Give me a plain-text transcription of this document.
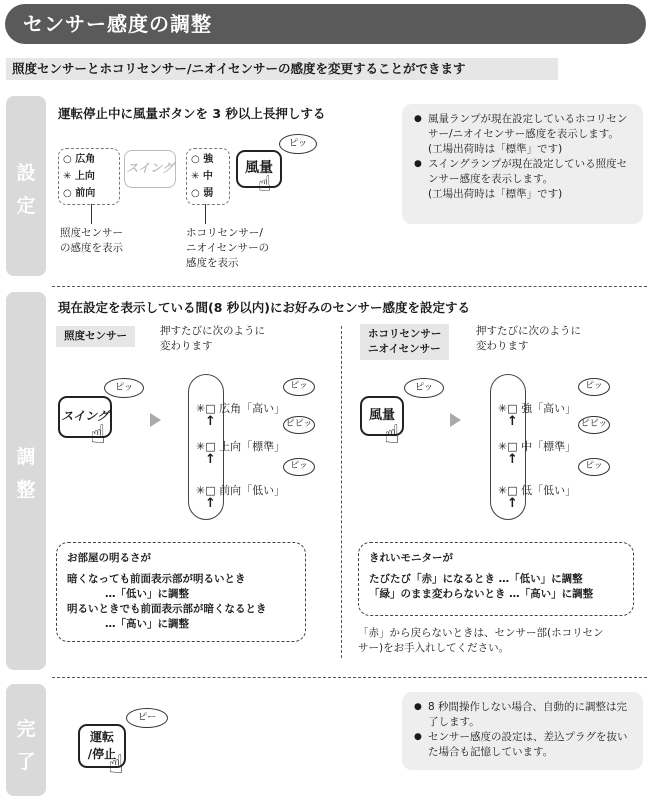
センサー感度の調整
照度センサーとホコリセンサー/ニオイセンサーの感度を変更することができます
設
定
調
整
完
了
運転停止中に風量ボタンを 3 秒以上長押しする
○ 広角
✳ 上向
○ 前向
スイング
照度センサー
の感度を表示
○ 強
✳ 中
○ 弱
風量
☝
ピッ
ホコリセンサー/
ニオイセンサーの
感度を表示
● 風量ランプが現在設定しているホコリセンサー/ニオイセンサー感度を表示します。
(工場出荷時は「標準」です)
● スイングランプが現在設定している照度センサー感度を表示します。
(工場出荷時は「標準」です)
現在設定を表示している間(8 秒以内)にお好みのセンサー感度を設定する
照度センサー	押すたびに次のように
変わります
スイング
☝
ピッ
✳□ 広角「高い」
↑
✳□ 上向「標準」
↑
✳□ 前向「低い」
↑
ピッ
ピピッ
ピッ
お部屋の明るさが
暗くなっても前面表示部が明るいとき
…「低い」に調整
明るいときでも前面表示部が暗くなるとき
…「高い」に調整
ホコリセンサー
ニオイセンサー
押すたびに次のように
変わります
風量
☝
ピッ
✳□ 強「高い」
↑
✳□ 中「標準」
↑
✳□ 低「低い」
↑
ピッ
ピピッ
ピッ
きれいモニターが
たびたび「赤」になるとき …「低い」に調整
「緑」のまま変わらないとき …「高い」に調整
「赤」から戻らないときは、センサー部(ホコリセン
サー)をお手入れしてください。
運転
/停止
☝
ピー
● 8 秒間操作しない場合、自動的に調整は完了します。
● センサー感度の設定は、差込プラグを抜いた場合も記憶しています。
